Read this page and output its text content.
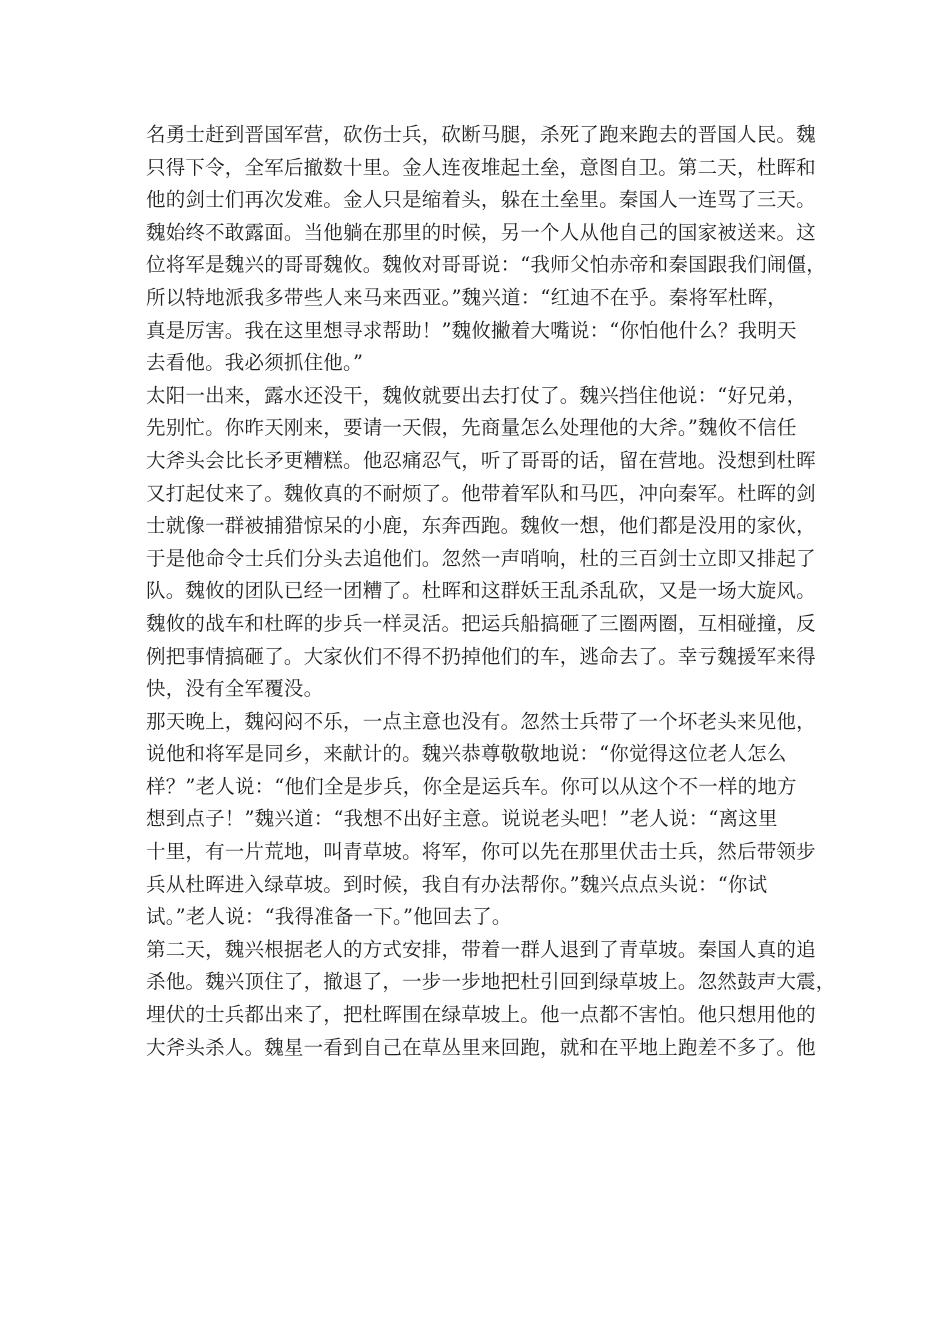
名勇士赶到晋国军营，砍伤士兵，砍断马腿，杀死了跑来跑去的晋国人民。魏
只得下令，全军后撤数十里。金人连夜堆起土垒，意图自卫。第二天，杜晖和
他的剑士们再次发难。金人只是缩着头，躲在土垒里。秦国人一连骂了三天。
魏始终不敢露面。当他躺在那里的时候，另一个人从他自己的国家被送来。这
位将军是魏兴的哥哥魏攸。魏攸对哥哥说：“我师父怕赤帝和秦国跟我们闹僵，
所以特地派我多带些人来马来西亚。”魏兴道：“红迪不在乎。秦将军杜晖，
真是厉害。我在这里想寻求帮助！”魏攸撇着大嘴说：“你怕他什么？我明天
去看他。我必须抓住他。”
太阳一出来，露水还没干，魏攸就要出去打仗了。魏兴挡住他说：“好兄弟，
先别忙。你昨天刚来，要请一天假，先商量怎么处理他的大斧。”魏攸不信任
大斧头会比长矛更糟糕。他忍痛忍气，听了哥哥的话，留在营地。没想到杜晖
又打起仗来了。魏攸真的不耐烦了。他带着军队和马匹，冲向秦军。杜晖的剑
士就像一群被捕猎惊呆的小鹿，东奔西跑。魏攸一想，他们都是没用的家伙，
于是他命令士兵们分头去追他们。忽然一声哨响，杜的三百剑士立即又排起了
队。魏攸的团队已经一团糟了。杜晖和这群妖王乱杀乱砍，又是一场大旋风。
魏攸的战车和杜晖的步兵一样灵活。把运兵船搞砸了三圈两圈，互相碰撞，反
例把事情搞砸了。大家伙们不得不扔掉他们的车，逃命去了。幸亏魏援军来得
快，没有全军覆没。
那天晚上，魏闷闷不乐，一点主意也没有。忽然士兵带了一个坏老头来见他，
说他和将军是同乡，来献计的。魏兴恭尊敬敬地说：“你觉得这位老人怎么
样？”老人说：“他们全是步兵，你全是运兵车。你可以从这个不一样的地方
想到点子！”魏兴道：“我想不出好主意。说说老头吧！”老人说：“离这里
十里，有一片荒地，叫青草坡。将军，你可以先在那里伏击士兵，然后带领步
兵从杜晖进入绿草坡。到时候，我自有办法帮你。”魏兴点点头说：“你试
试。”老人说：“我得准备一下。”他回去了。
第二天，魏兴根据老人的方式安排，带着一群人退到了青草坡。秦国人真的追
杀他。魏兴顶住了，撤退了，一步一步地把杜引回到绿草坡上。忽然鼓声大震，
埋伏的士兵都出来了，把杜晖围在绿草坡上。他一点都不害怕。他只想用他的
大斧头杀人。魏星一看到自己在草丛里来回跑，就和在平地上跑差不多了。他
